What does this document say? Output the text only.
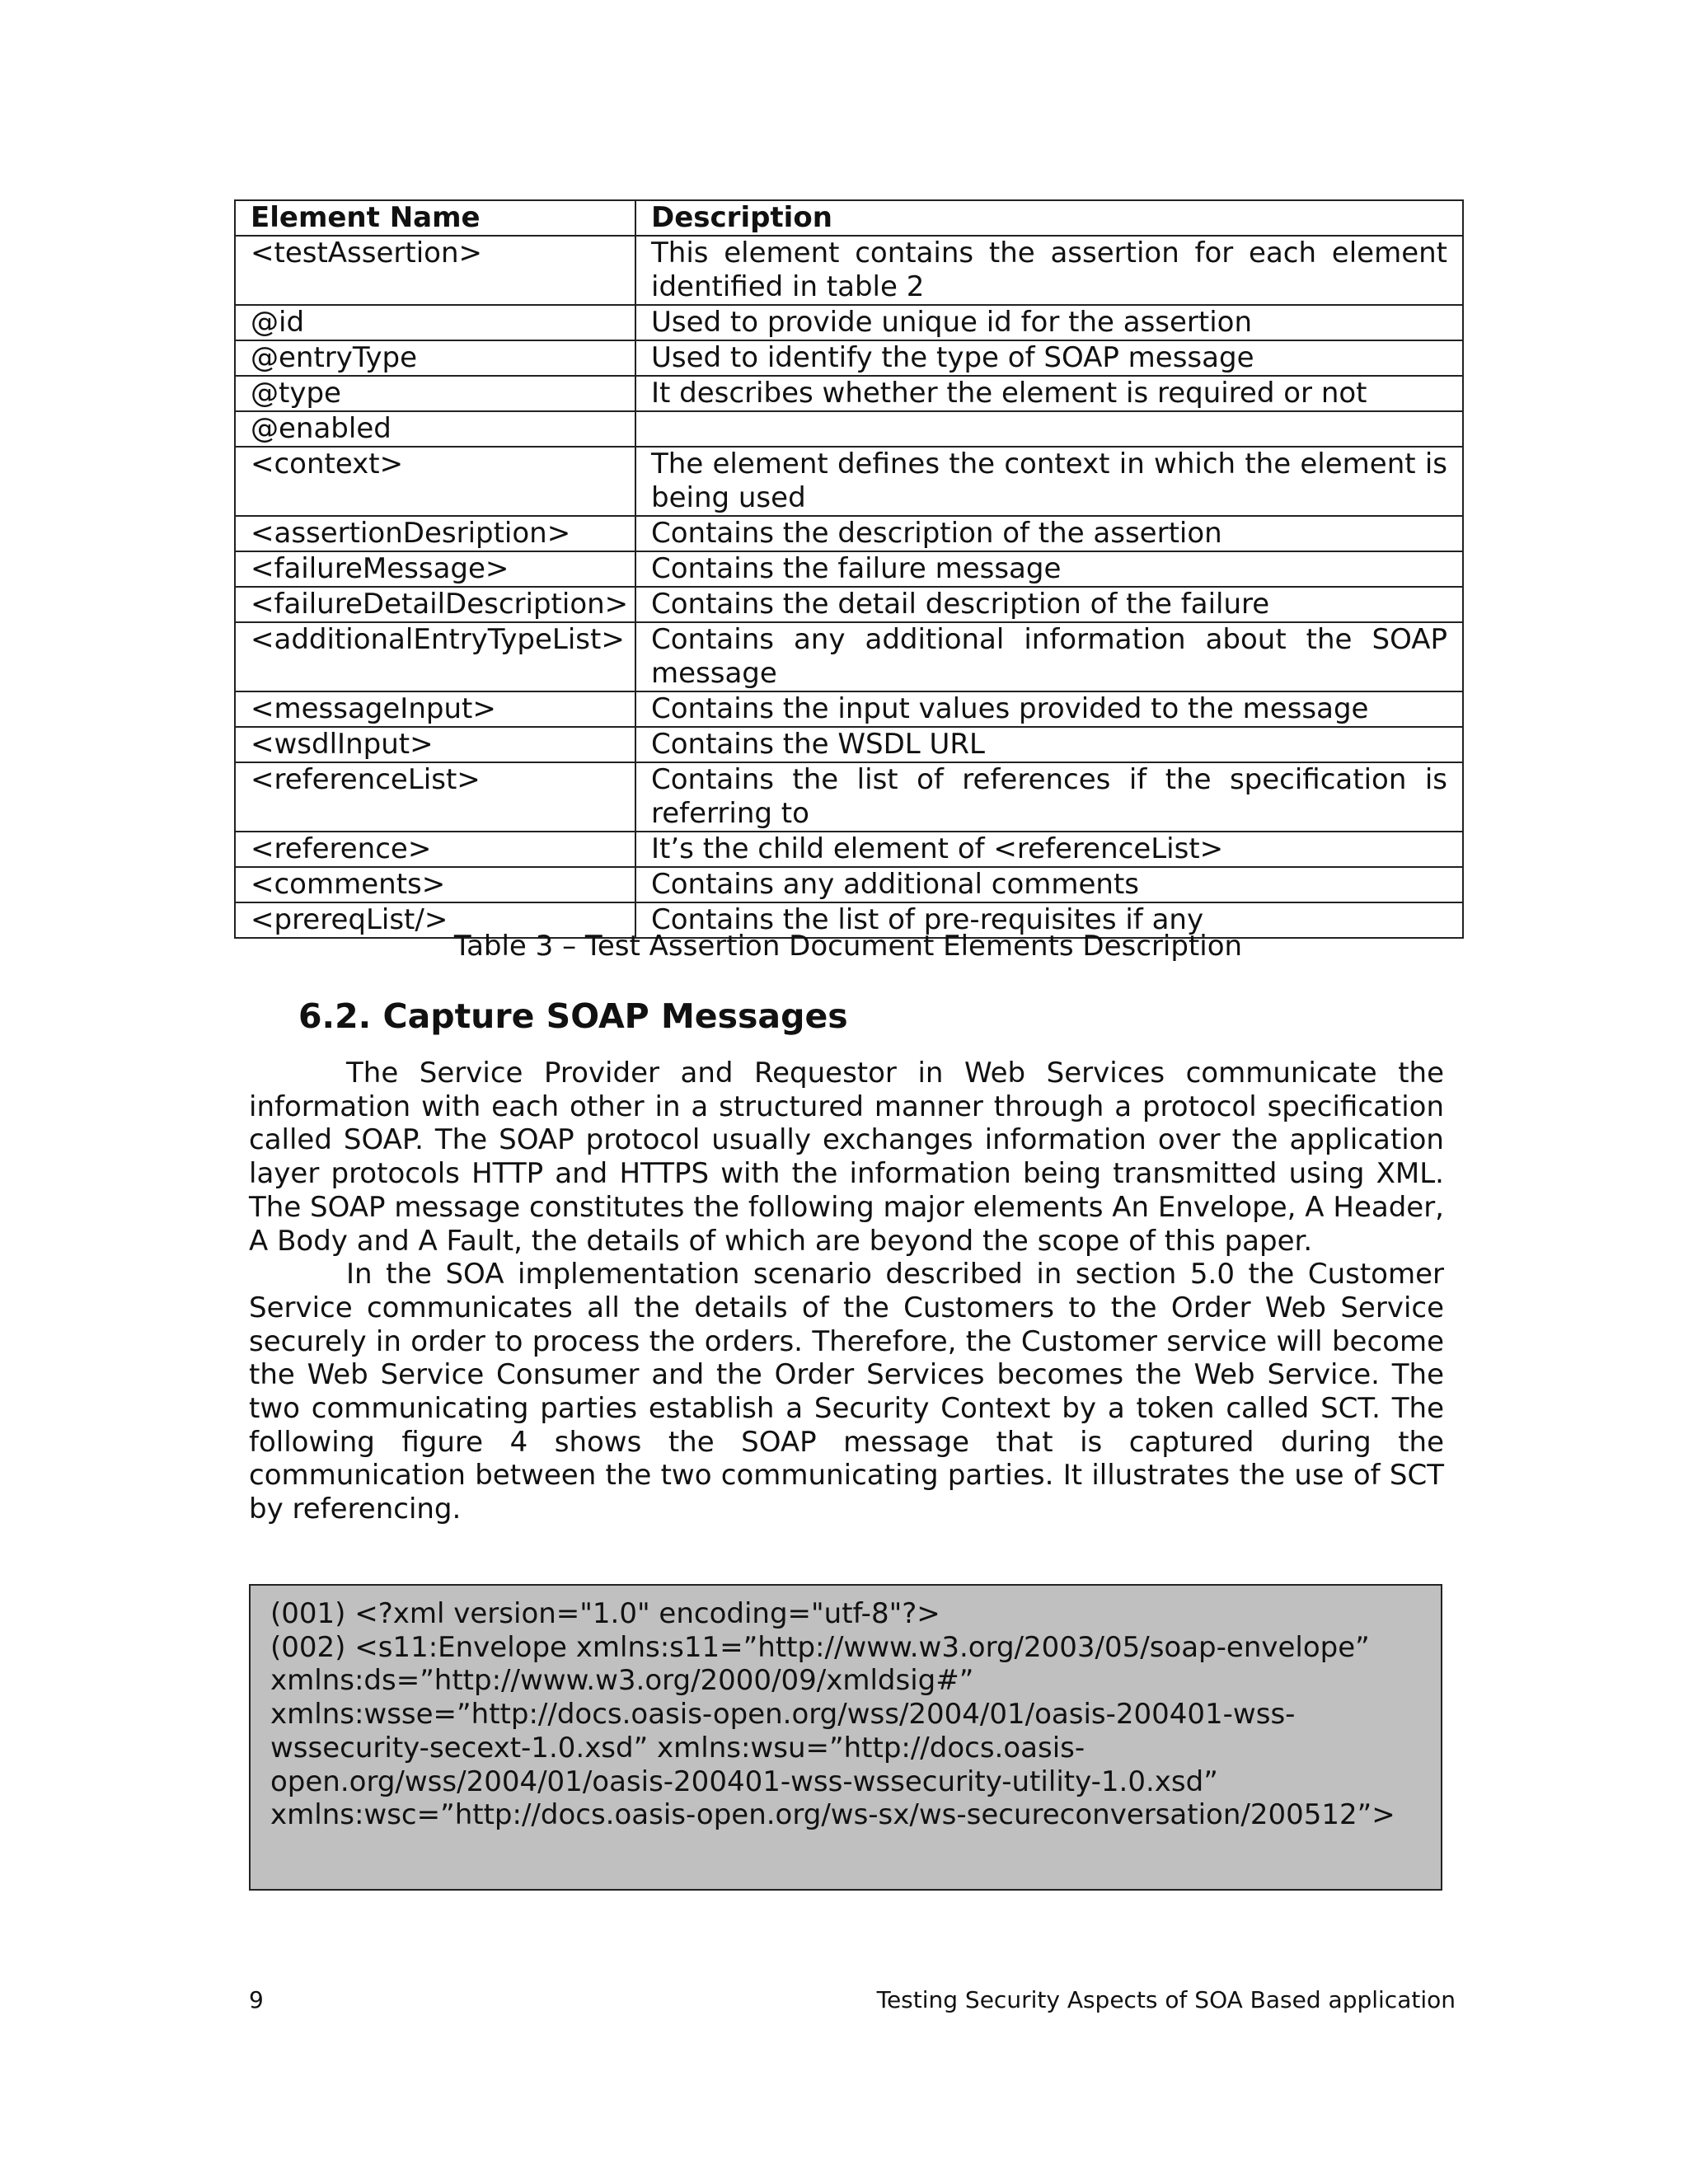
Element Name	Description
<testAssertion>	This element contains the assertion for each element identified in table 2
@id	Used to provide unique id for the assertion
@entryType	Used to identify the type of SOAP message
@type	It describes whether the element is required or not
@enabled	
<context>	The element defines the context in which the element is being used
<assertionDesription>	Contains the description of the assertion
<failureMessage>	Contains the failure message
<failureDetailDescription>	Contains the detail description of the failure
<additionalEntryTypeList>	Contains any additional information about the SOAP message
<messageInput>	Contains the input values provided to the message
<wsdlInput>	Contains the WSDL URL
<referenceList>	Contains the list of references if the specification is referring to
<reference>	It’s the child element of <referenceList>
<comments>	Contains any additional comments
<prereqList/>	Contains the list of pre-requisites if any
Table 3 – Test Assertion Document Elements Description
6.2. Capture SOAP Messages

The Service Provider and Requestor in Web Services communicate the information with each other in a structured manner through a protocol specification called SOAP. The SOAP protocol usually exchanges information over the application layer protocols HTTP and HTTPS with the information being transmitted using XML. The SOAP message constitutes the following major elements An Envelope, A Header, A Body and A Fault, the details of which are beyond the scope of this paper.

In the SOA implementation scenario described in section 5.0 the Customer Service communicates all the details of the Customers to the Order Web Service securely in order to process the orders. Therefore, the Customer service will become the Web Service Consumer and the Order Services becomes the Web Service. The two communicating parties establish a Security Context by a token called SCT. The following figure 4 shows the SOAP message that is captured during the communication between the two communicating parties. It illustrates the use of SCT by referencing.

(001) <?xml version="1.0" encoding="utf-8"?>
(002) <s11:Envelope xmlns:s11=”http://www.w3.org/2003/05/soap-envelope” xmlns:ds=”http://www.w3.org/2000/09/xmldsig#” xmlns:wsse=”http://docs.oasis-open.org/wss/2004/01/oasis-200401-wss-wssecurity-secext-1.0.xsd” xmlns:wsu=”http://docs.oasis-open.org/wss/2004/01/oasis-200401-wss-wssecurity-utility-1.0.xsd” xmlns:wsc=”http://docs.oasis-open.org/ws-sx/ws-secureconversation/200512”>
9	Testing Security Aspects of SOA Based application
